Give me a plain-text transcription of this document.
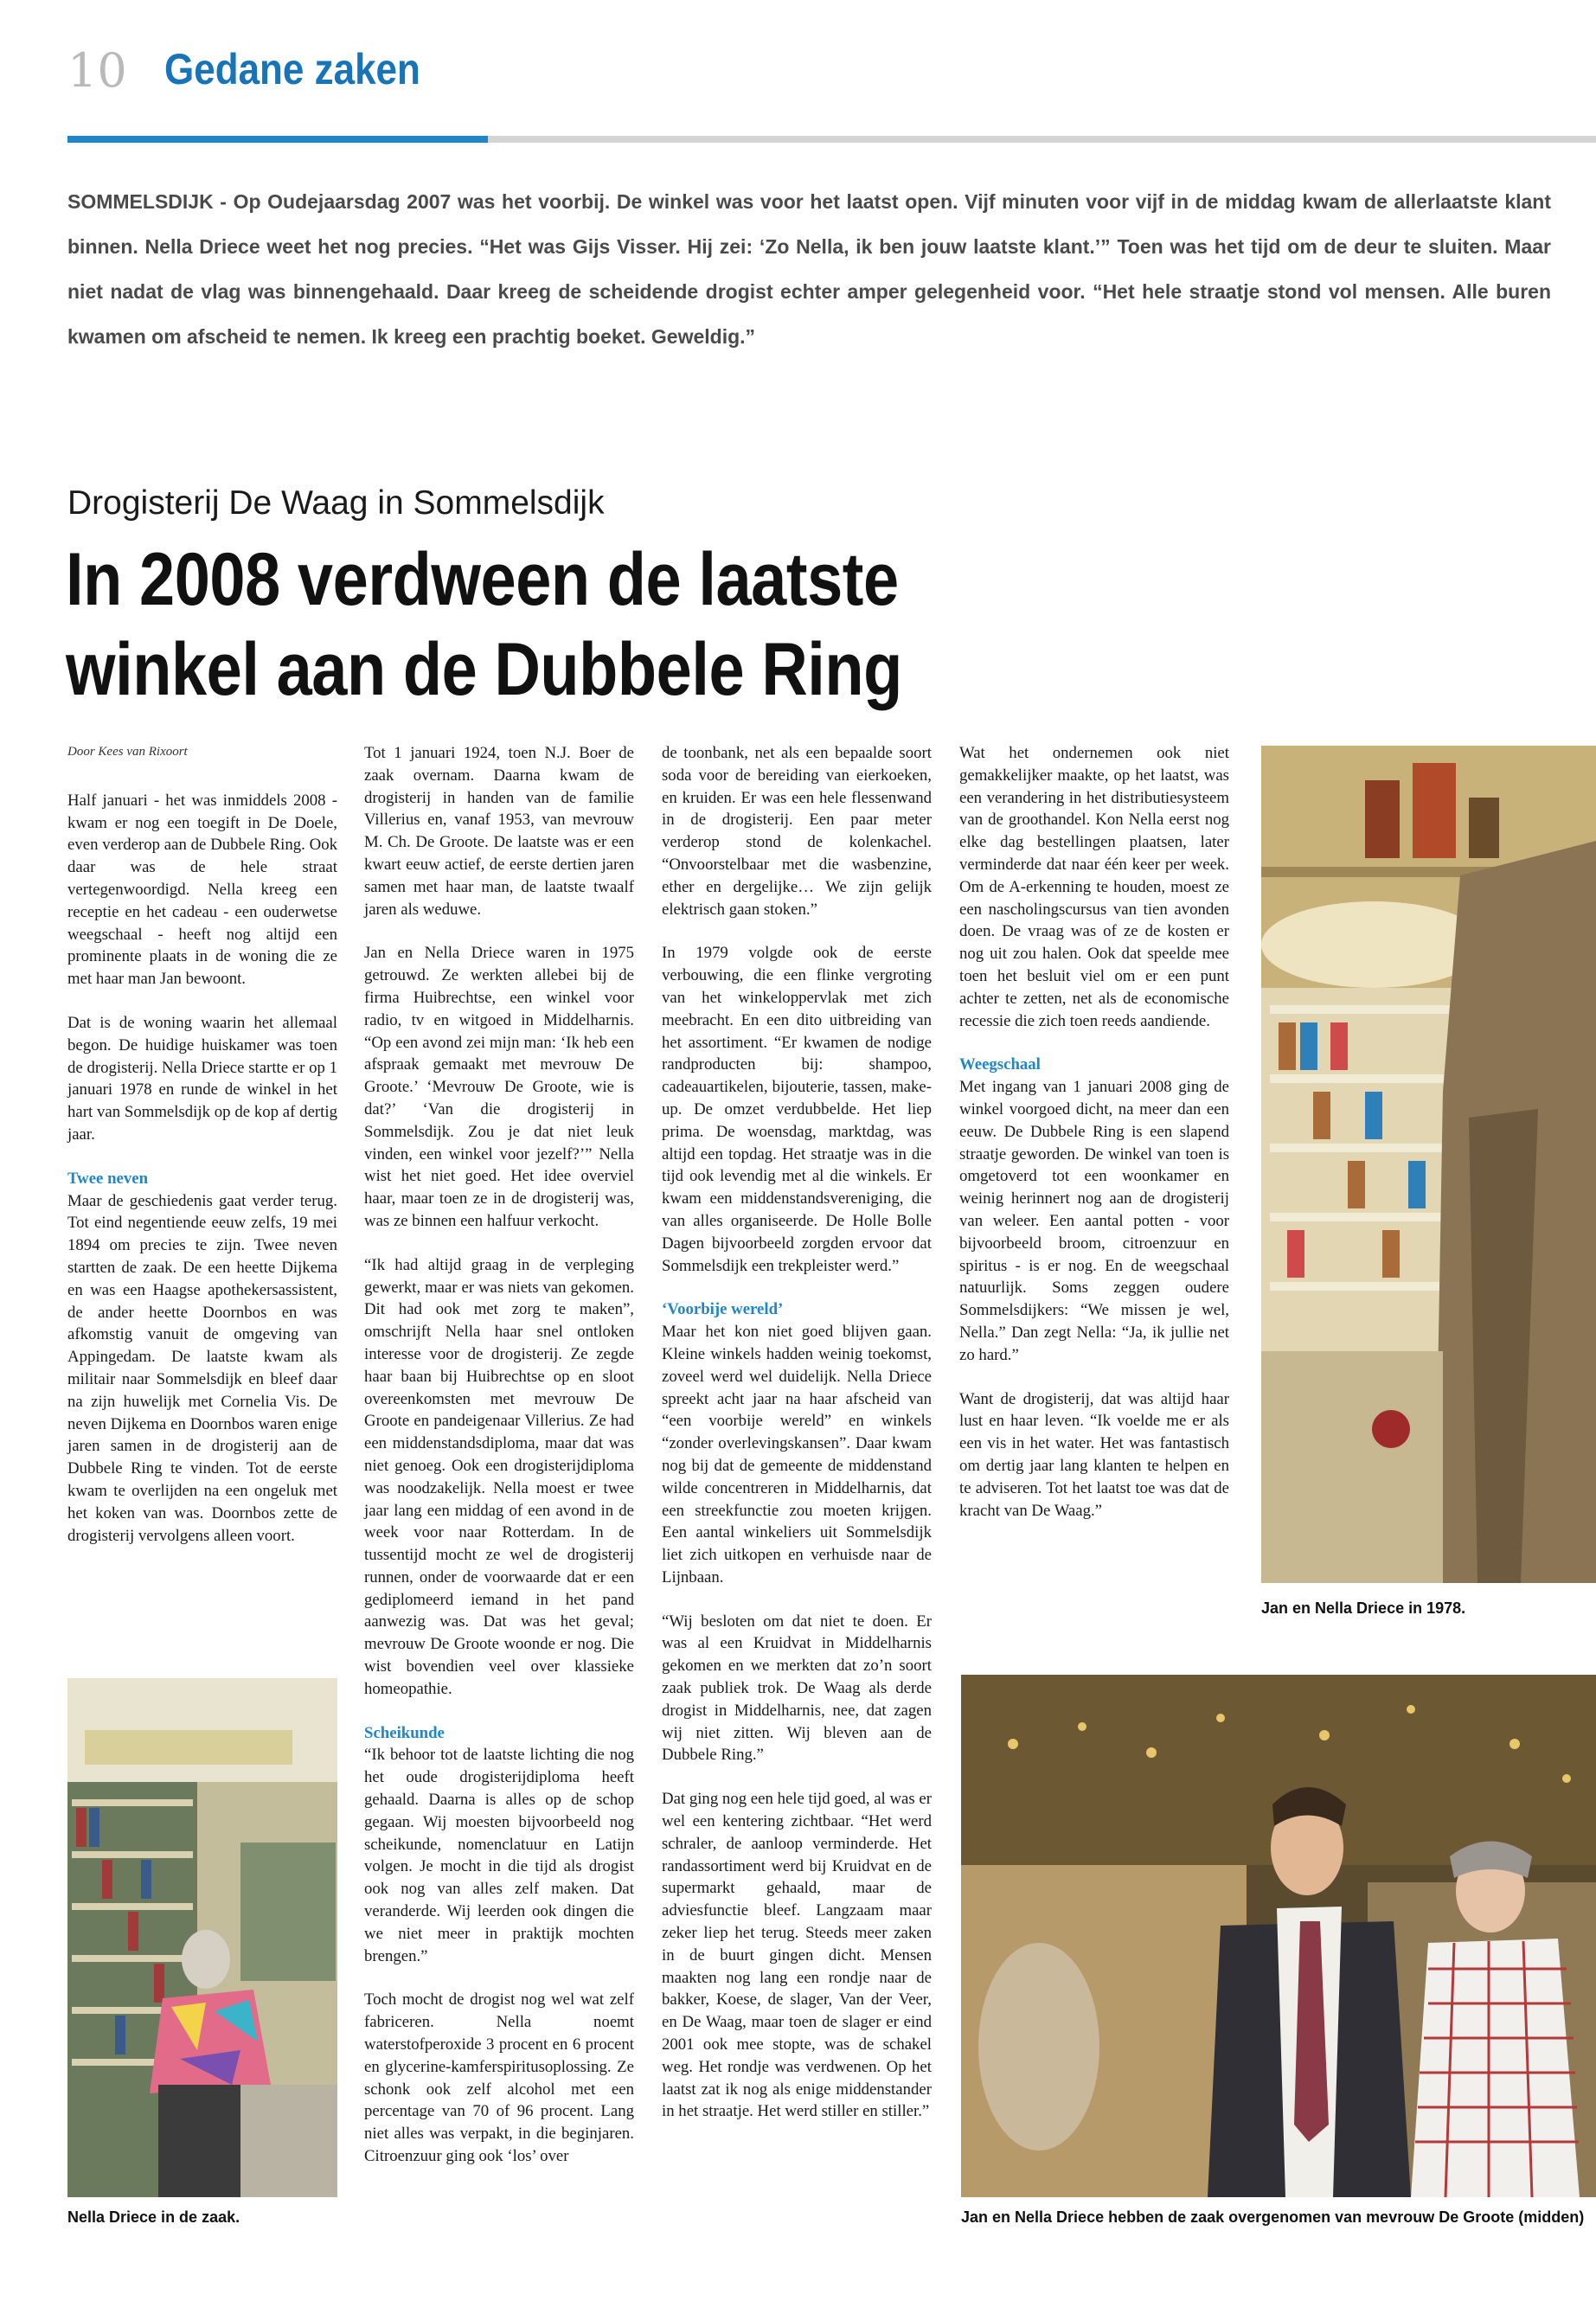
10 Gedane zaken
SOMMELSDIJK - Op Oudejaarsdag 2007 was het voorbij. De winkel was voor het laatst open. Vijf minuten voor vijf in de middag kwam de allerlaatste klant binnen. Nella Driece weet het nog precies. “Het was Gijs Visser. Hij zei: ‘Zo Nella, ik ben jouw laatste klant.’” Toen was het tijd om de deur te sluiten. Maar niet nadat de vlag was binnengehaald. Daar kreeg de scheidende drogist echter amper gelegenheid voor. “Het hele straatje stond vol mensen. Alle buren kwamen om afscheid te nemen. Ik kreeg een prachtig boeket. Geweldig.”
Drogisterij De Waag in Sommelsdijk
In 2008 verdween de laatste winkel aan de Dubbele Ring

Door Kees van Rixoort

Half januari - het was inmiddels 2008 - kwam er nog een toegift in De Doele, even verderop aan de Dubbele Ring. Ook daar was de hele straat vertegenwoordigd. Nella kreeg een receptie en het cadeau - een ouderwetse weegschaal - heeft nog altijd een prominente plaats in de woning die ze met haar man Jan bewoont.

Dat is de woning waarin het allemaal begon. De huidige huiskamer was toen de drogisterij. Nella Driece startte er op 1 januari 1978 en runde de winkel in het hart van Sommelsdijk op de kop af dertig jaar.

Twee neven

Maar de geschiedenis gaat verder terug. Tot eind negentiende eeuw zelfs, 19 mei 1894 om precies te zijn. Twee neven startten de zaak. De een heette Dijkema en was een Haagse apothekersassistent, de ander heette Doornbos en was afkomstig vanuit de omgeving van Appingedam. De laatste kwam als militair naar Sommelsdijk en bleef daar na zijn huwelijk met Cornelia Vis. De neven Dijkema en Doornbos waren enige jaren samen in de drogisterij aan de Dubbele Ring te vinden. Tot de eerste kwam te overlijden na een ongeluk met het koken van was. Doornbos zette de drogisterij vervolgens alleen voort.

Tot 1 januari 1924, toen N.J. Boer de zaak overnam. Daarna kwam de drogisterij in handen van de familie Villerius en, vanaf 1953, van mevrouw M. Ch. De Groote. De laatste was er een kwart eeuw actief, de eerste dertien jaren samen met haar man, de laatste twaalf jaren als weduwe.

Jan en Nella Driece waren in 1975 getrouwd. Ze werkten allebei bij de firma Huibrechtse, een winkel voor radio, tv en witgoed in Middelharnis. “Op een avond zei mijn man: ‘Ik heb een afspraak gemaakt met mevrouw De Groote.’ ‘Mevrouw De Groote, wie is dat?’ ‘Van die drogisterij in Sommelsdijk. Zou je dat niet leuk vinden, een winkel voor jezelf?’” Nella wist het niet goed. Het idee overviel haar, maar toen ze in de drogisterij was, was ze binnen een halfuur verkocht.

“Ik had altijd graag in de verpleging gewerkt, maar er was niets van gekomen. Dit had ook met zorg te maken”, omschrijft Nella haar snel ontloken interesse voor de drogisterij. Ze zegde haar baan bij Huibrechtse op en sloot overeenkomsten met mevrouw De Groote en pandeigenaar Villerius. Ze had een middenstandsdiploma, maar dat was niet genoeg. Ook een drogisterijdiploma was noodzakelijk. Nella moest er twee jaar lang een middag of een avond in de week voor naar Rotterdam. In de tussentijd mocht ze wel de drogisterij runnen, onder de voorwaarde dat er een gediplomeerd iemand in het pand aanwezig was. Dat was het geval; mevrouw De Groote woonde er nog. Die wist bovendien veel over klassieke homeopathie.

Scheikunde

“Ik behoor tot de laatste lichting die nog het oude drogisterijdiploma heeft gehaald. Daarna is alles op de schop gegaan. Wij moesten bijvoorbeeld nog scheikunde, nomenclatuur en Latijn volgen. Je mocht in die tijd als drogist ook nog van alles zelf maken. Dat veranderde. Wij leerden ook dingen die we niet meer in praktijk mochten brengen.”

Toch mocht de drogist nog wel wat zelf fabriceren. Nella noemt waterstofperoxide 3 procent en 6 procent en glycerine-kamferspiritusoplossing. Ze schonk ook zelf alcohol met een percentage van 70 of 96 procent. Lang niet alles was verpakt, in die beginjaren. Citroenzuur ging ook ‘los’ over

de toonbank, net als een bepaalde soort soda voor de bereiding van eierkoeken, en kruiden. Er was een hele flessenwand in de drogisterij. Een paar meter verderop stond de kolenkachel. “Onvoorstelbaar met die wasbenzine, ether en dergelijke… We zijn gelijk elektrisch gaan stoken.”

In 1979 volgde ook de eerste verbouwing, die een flinke vergroting van het winkeloppervlak met zich meebracht. En een dito uitbreiding van het assortiment. “Er kwamen de nodige randproducten bij: shampoo, cadeauartikelen, bijouterie, tassen, make-up. De omzet verdubbelde. Het liep prima. De woensdag, marktdag, was altijd een topdag. Het straatje was in die tijd ook levendig met al die winkels. Er kwam een middenstandsvereniging, die van alles organiseerde. De Holle Bolle Dagen bijvoorbeeld zorgden ervoor dat Sommelsdijk een trekpleister werd.”

‘Voorbije wereld’

Maar het kon niet goed blijven gaan. Kleine winkels hadden weinig toekomst, zoveel werd wel duidelijk. Nella Driece spreekt acht jaar na haar afscheid van “een voorbije wereld” en winkels “zonder overlevingskansen”. Daar kwam nog bij dat de gemeente de middenstand wilde concentreren in Middelharnis, dat een streekfunctie zou moeten krijgen. Een aantal winkeliers uit Sommelsdijk liet zich uitkopen en verhuisde naar de Lijnbaan.

“Wij besloten om dat niet te doen. Er was al een Kruidvat in Middelharnis gekomen en we merkten dat zo’n soort zaak publiek trok. De Waag als derde drogist in Middelharnis, nee, dat zagen wij niet zitten. Wij bleven aan de Dubbele Ring.”

Dat ging nog een hele tijd goed, al was er wel een kentering zichtbaar. “Het werd schraler, de aanloop verminderde. Het randassortiment werd bij Kruidvat en de supermarkt gehaald, maar de adviesfunctie bleef. Langzaam maar zeker liep het terug. Steeds meer zaken in de buurt gingen dicht. Mensen maakten nog lang een rondje naar de bakker, Koese, de slager, Van der Veer, en De Waag, maar toen de slager er eind 2001 ook mee stopte, was de schakel weg. Het rondje was verdwenen. Op het laatst zat ik nog als enige middenstander in het straatje. Het werd stiller en stiller.”

Wat het ondernemen ook niet gemakkelijker maakte, op het laatst, was een verandering in het distributiesysteem van de groothandel. Kon Nella eerst nog elke dag bestellingen plaatsen, later verminderde dat naar één keer per week. Om de A-erkenning te houden, moest ze een nascholingscursus van tien avonden doen. De vraag was of ze de kosten er nog uit zou halen. Ook dat speelde mee toen het besluit viel om er een punt achter te zetten, net als de economische recessie die zich toen reeds aandiende.

Weegschaal

Met ingang van 1 januari 2008 ging de winkel voorgoed dicht, na meer dan een eeuw. De Dubbele Ring is een slapend straatje geworden. De winkel van toen is omgetoverd tot een woonkamer en weinig herinnert nog aan de drogisterij van weleer. Een aantal potten - voor bijvoorbeeld broom, citroenzuur en spiritus - is er nog. En de weegschaal natuurlijk. Soms zeggen oudere Sommelsdijkers: “We missen je wel, Nella.” Dan zegt Nella: “Ja, ik jullie net zo hard.”

Want de drogisterij, dat was altijd haar lust en haar leven. “Ik voelde me er als een vis in het water. Het was fantastisch om dertig jaar lang klanten te helpen en te adviseren. Tot het laatst toe was dat de kracht van De Waag.”

Nella Driece in de zaak.
Jan en Nella Driece in 1978.
Jan en Nella Driece hebben de zaak overgenomen van mevrouw De Groote (midden)
